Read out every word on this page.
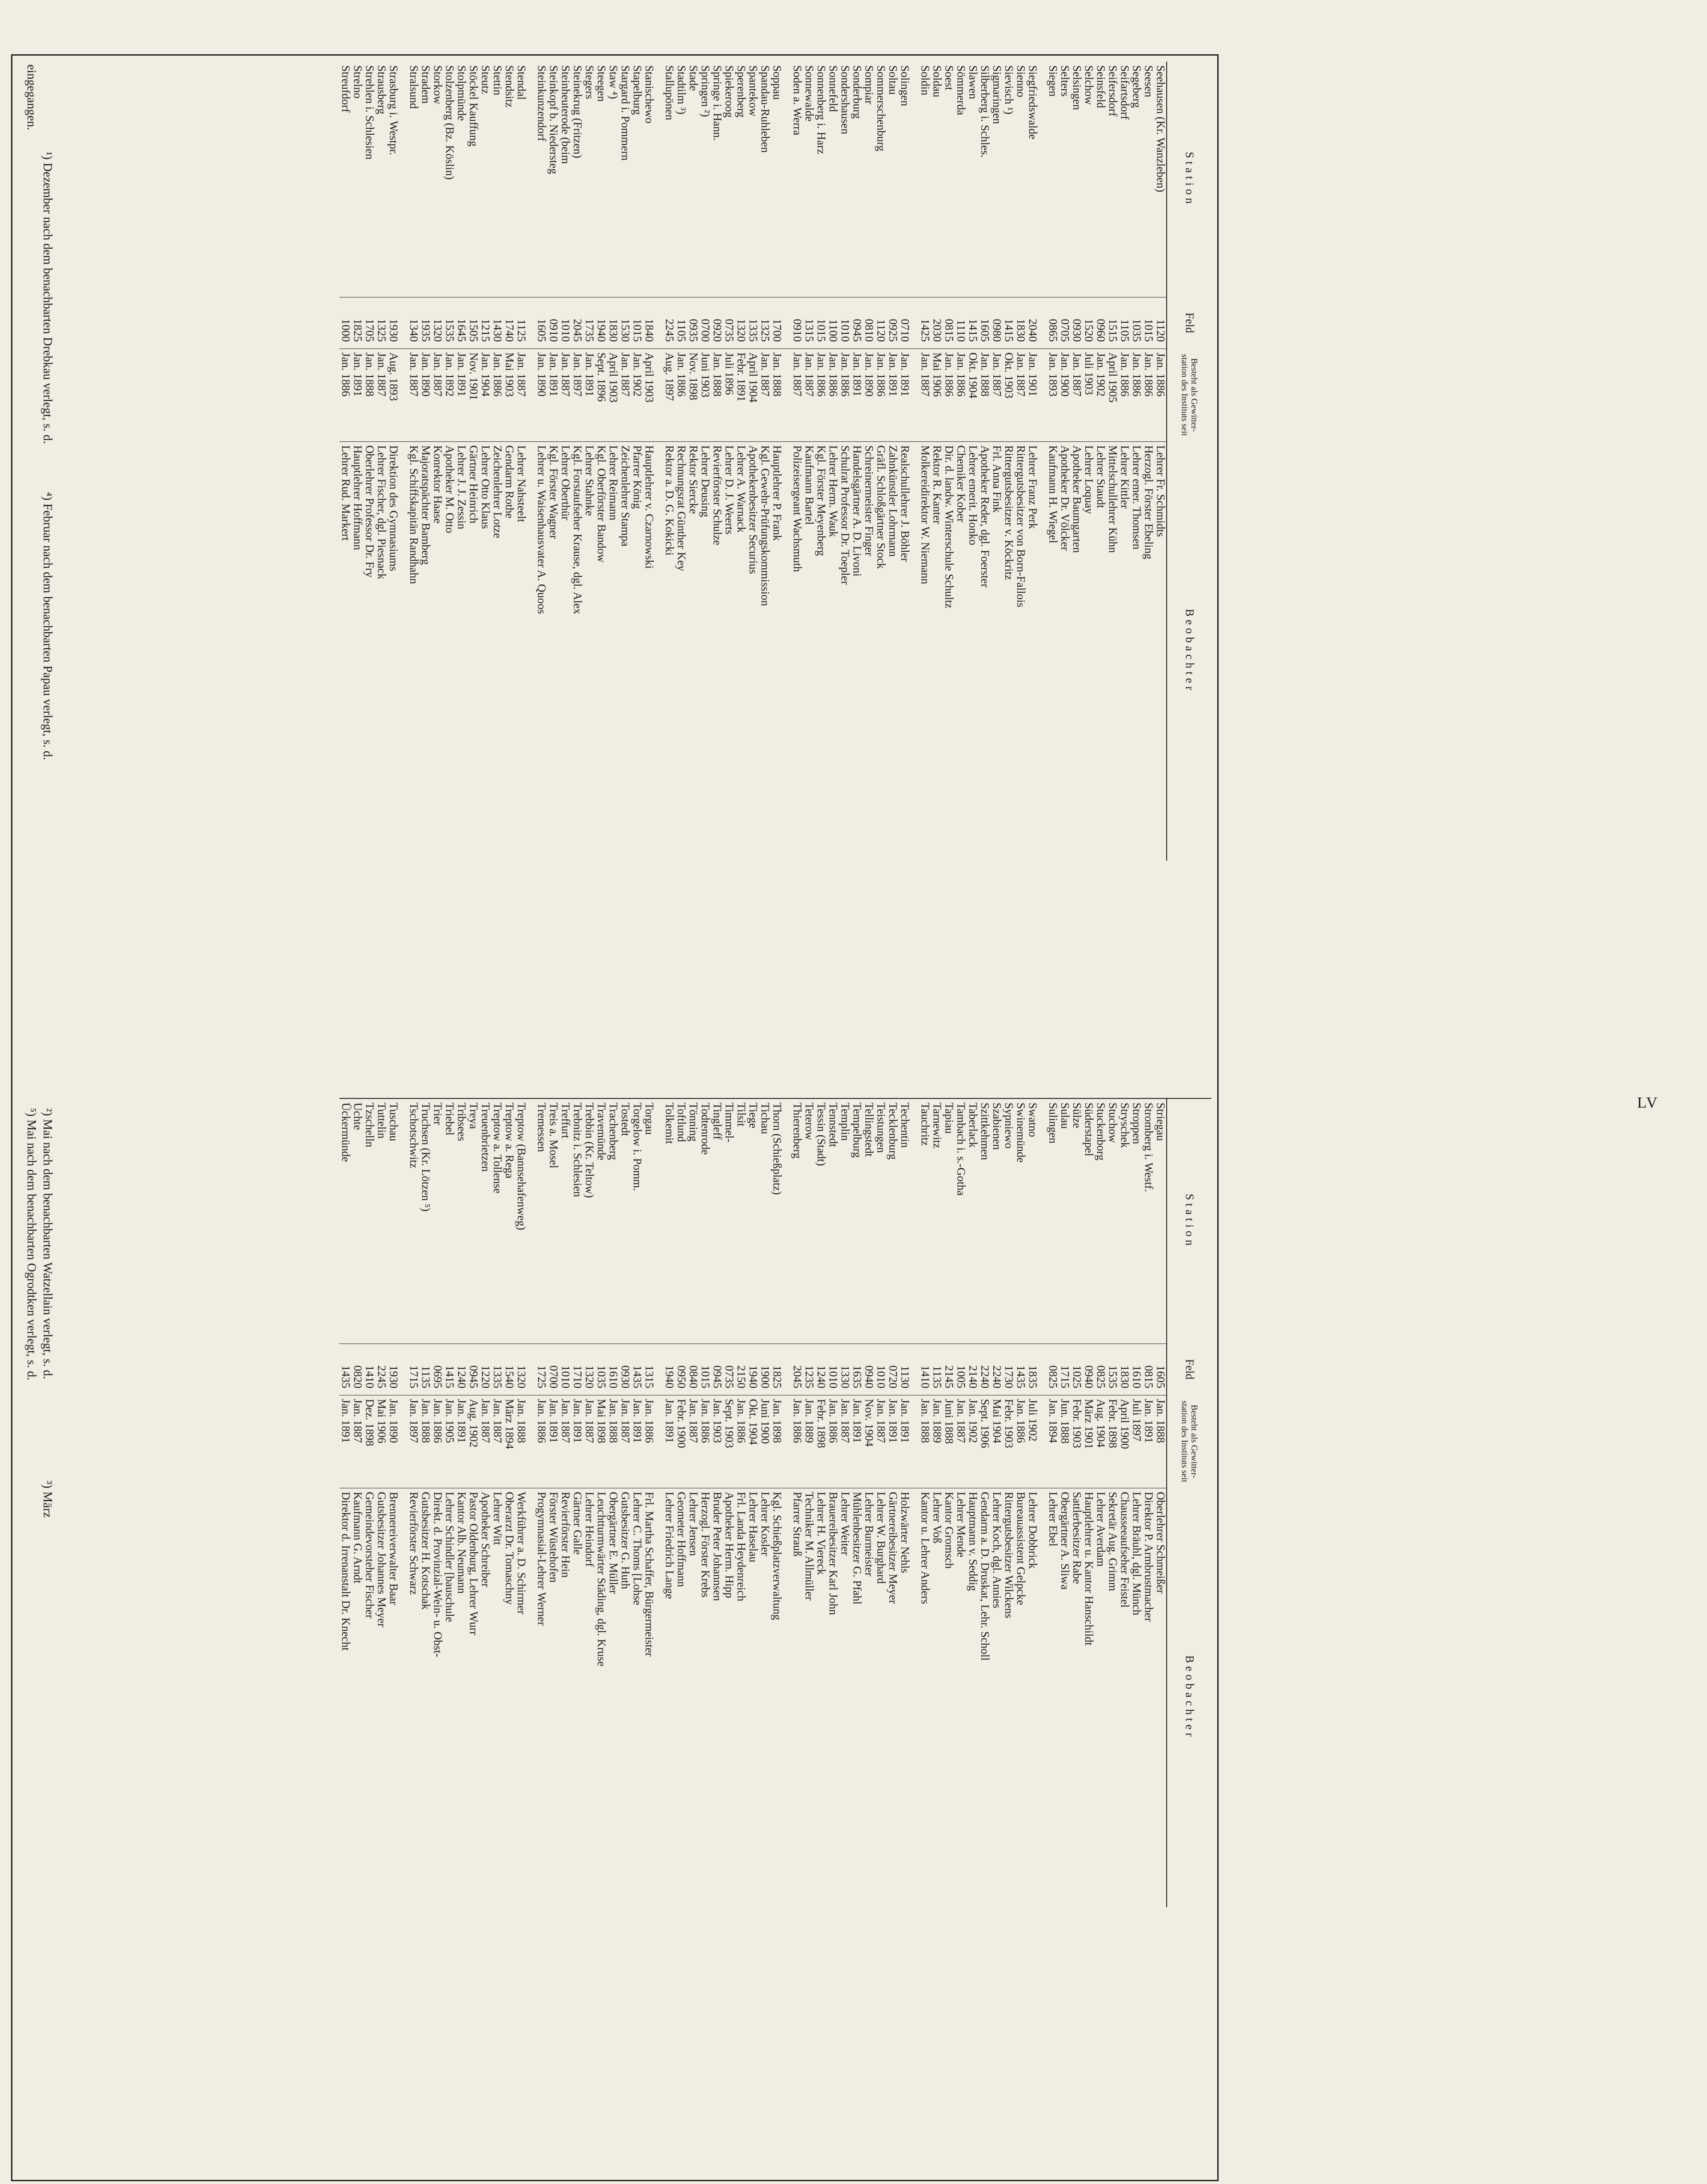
LV
Station	Feld	Besteht als Gewitter-station des Instituts seit	Beobachter
Seehausen (Kr. Wanzleben)	1120	Jan. 1886	Lehrer Fr. Schmidts
Seesen	1015	Jan. 1886	Herzogl. Förster Ebeling
Segeberg	1035	Jan. 1886	Lehrer emer. Thomsen
Seifartsdorf	1105	Jan. 1886	Lehrer Kittler
Seifersdorf	1515	April 1905	Mittelschullehrer Kühn
Seinsfeld	0960	Jan. 1902	Lehrer Staudt
Selchow	1520	Juli 1903	Lehrer Loquay
Selsingen	0930	Jan. 1887	Apotheker Baumgarten
Selters	0705	Jan. 1900	Apotheker Dr. Völcker
Siegen	0865	Jan. 1893	Kaufmann H. Wiegel

Siegfriedswalde	2040	Jan. 1901	Lehrer Franz Perk
Sienno	1830	Jan. 1887	Rittergutsbesitzer von Born-Fallois
Sievisch ¹)	1415	Okt. 1903	Rittergutsbesitzer v. Köckritz
Sigmaringen	0980	Jan. 1887	Frl. Anna Fink
Silberberg i. Schles.	1605	Jan. 1888	Apotheker Reder, dgl. Foerster
Slawen	1415	Okt. 1904	Lehrer emerit. Honko
Sömmerda	1110	Jan. 1886	Chemiker Kober
Soest	0815	Jan. 1886	Dir. d. landw. Winterschule Schultz
Soldau	2030	Mai 1906	Rektor R. Kanter
Soldin	1425	Jan. 1887	Molkereidirektor W. Niemann

Solingen	0710	Jan. 1891	Realschullehrer J. Böhler
Soltau	0925	Jan. 1891	Zahnkünstler Lohrmann
Sommerschenburg	1120	Jan. 1886	Gräfl. Schloßgärtner Stock
Sompiar	0810	Jan. 1890	Schreinermeister Finger
Sonderburg	0945	Jan. 1891	Handelsgärtner A. D. Livoni
Sondershausen	1010	Jan. 1886	Schulrat Professor Dr. Toepler
Sonnefeld	1100	Jan. 1886	Lehrer Herm. Wauk
Sonnenberg i. Harz	1015	Jan. 1886	Kgl. Förster Meyenberg
Sonnewalde	1315	Jan. 1887	Kaufmann Bartel
Soden a. Werra	0910	Jan. 1887	Polizeisergeant Wachsmuth

Soppau	1700	Jan. 1888	Hauptlehrer P. Frank
Spandau-Ruhleben	1325	Jan. 1887	Kgl. Gewehr-Prüfungskommission
Spantekow	1335	April 1904	Apothekenbesitzer Securius
Sperenberg	1320	Febr. 1891	Lehrer A. Warnack
Spiekeroog	0735	Juli 1896	Lehrer D. J. Weerts
Springe i. Hann.	0920	Jan. 1888	Revierförster Schulze
Springen ²)	0700	Juni 1903	Lehrer Deusing
Stade	0935	Nov. 1898	Rektor Siercke
Stadtilm ³)	1105	Jan. 1886	Rechnungsrat Günther Key
Stallupönen	2245	Aug. 1897	Rektor a. D. G. Kokicki

Stanischewo	1840	April 1903	Hauptlehrer v. Czarnowski
Stapelburg	1015	Jan. 1902	Pfarrer König
Stargard i. Pommern	1530	Jan. 1887	Zeichenlehrer Stampa
Staw ⁴)	1830	April 1903	Lehrer Reimann
Steegen	1940	Sept. 1896	Kgl. Oberförster Bandow
Stegers	1735	Jan. 1891	Lehrer Stahnke
Steinekrug (Fritzen)	2045	Jan. 1897	Kgl. Forstaufseher Krause, dgl. Alex
Steinheuterode (beim	1010	Jan. 1887	Lehrer Oberthür
Steinkopf b. Niedersteg	0910	Jan. 1891	Kgl. Förster Wagner
Steinkunzendorf	1605	Jan. 1890	Lehrer u. Waisenhausvater A. Quoos

Stendal	1125	Jan. 1887	Lehrer Nahsteelt
Stendsitz	1740	Mai 1903	Gendarm Rothe
Stettin	1430	Jan. 1886	Zeichenlehrer Lotze
Steutz	1215	Jan. 1904	Lehrer Otto Klaus
Stöckel Kauffung	1505	Nov. 1901	Gärtner Heinrich
Stolpmünde	1645	Jan. 1891	Lehrer J. J. Zessin
Stolzenberg (Bz. Köslin)	1535	Jan. 1892	Apotheker M. Otto
Storkow	1320	Jan. 1887	Konrektor Haase
Stradem	1935	Jan. 1890	Majoratspächter Bamberg
Stralsund	1340	Jan. 1887	Kgl. Schiffskapitän Randhahn

Strasburg i. Westpr.	1930	Aug. 1893	Direktion des Gymnasiums
Strausberg	1325	Jan. 1887	Lehrer Fischer, dgl. Piesnack
Strehlen i. Schlesien	1705	Jan. 1888	Oberlehrer Professor Dr. Fry
Strelno	1825	Jan. 1891	Hauptlehrer Hoffmann
Streufdorf	1000	Jan. 1886	Lehrer Rud. Markert
Station	Feld	Besteht als Gewitter-station des Instituts seit	Beobachter
Striegau	1605	Jan. 1888	Oberlehrer Schmeißer
Stromberg i. Westf.	0815	Jan. 1891	Direktor P. Armbrustmacher
Stroppen	1610	Juli 1897	Lehrer Bräuhl, dgl. Münch
Stryschek	1830	April 1900	Chausseeaufseher Feistel
Stuchow	1535	Febr. 1898	Sekretär Aug. Grimm
Stuckenborg	0825	Aug. 1904	Lehrer Averdam
Süderstapel	0940	März 1901	Hauptlehrer u. Kantor Hanschildt
Sülze	1025	Febr. 1903	Sattlerbesitzer Rabe
Sulau	1715	Jun. 1888	Obergärtner A. Sliwa
Sulingen	0825	Jan. 1894	Lehrer Ebel

Swatno	1835	Juli 1902	Lehrer Dobbrick
Swinemünde	1435	Jan. 1886	Bureauassistent Gelpcke
Sypniewo	1730	Febr. 1903	Rittergutsbesitzer Wilckens
Szabienen	2240	Mai 1904	Lehrer Koch, dgl. Annies
Szittkehmen	2240	Sept. 1906	Gendarm a. D. Druskat, Lehr. Scholl
Taberlack	2140	Jan. 1902	Hauptmann v. Seddig
Tambach i. s.-Gotha	1005	Jan. 1887	Lehrer Mende
Tapiau	2145	Juni 1888	Kantor Gromsch
Tarnewitz	1135	Jan. 1889	Lehrer Voß
Tauchritz	1410	Jan. 1888	Kantor u. Lehrer Anders

Techentin	1130	Jan. 1891	Holzwärter Nehls
Tecklenburg	0720	Jan. 1891	Gärtnereibesitzer Meyer
Teistungen	1010	Jan. 1887	Lehrer W. Burghard
Tellingstedt	0940	Nov. 1904	Lehrer Burmeister
Tempelburg	1635	Jan. 1891	Mühlenbesitzer G. Pfahl
Templin	1330	Jan. 1887	Lehrer Weiter
Tennstedt	1010	Jan. 1886	Brauereibesitzer Karl John
Tessin (Stadt)	1240	Febr. 1898	Lehrer H. Viereck
Teterow	1235	Jan. 1889	Techniker M. Allmüller
Thierenberg	2045	Jan. 1886	Pfarrer Strauß

Thorn (Schießplatz)	1825	Jan. 1898	Kgl. Schießplatzverwaltung
Tichau	1900	Juni 1900	Lehrer Kosler
Tiege	1940	Okt. 1904	Lehrer Haselau
Tilsit	2150	Jan. 1886	Frl. Landa Heydenreich
Timmel-	0735	Sept. 1903	Apotheker Herm. Hipp
Tingleff	0945	Jan. 1903	Bruder Peter Johannsen
Todtenrode	1015	Jan. 1886	Herzogl. Förster Krebs
Tönning	0840	Jan. 1887	Lehrer Jensen
Toftlund	0950	Febr. 1900	Geometer Hoffmann
Tolkemit	1940	Jan. 1891	Lehrer Friedrich Lange

Torgau	1315	Jan. 1886	Frl. Martha Schaffer, Bürgermeister
Torgelow i. Pomm.	1435	Jan. 1891	Lehrer C. Thoms [Lohse
Tostedt	0930	Jan. 1887	Gutsbesitzer G. Huth
Trachenberg	1610	Jan. 1888	Obergärtner E. Müller
Travemünde	1035	Mai 1898	Leuchtturmwärter Städing, dgl. Kruse
Trebbin (Kr. Teltow)	1320	Jan. 1887	Lehrer Heindorf
Trebnitz i. Schlesien	1710	Jan. 1891	Gärtner Galle
Treffurt	1010	Jan. 1887	Revierförster Hein
Treis a. Mosel	0700	Jan. 1891	Förster Wüstehofen
Tremessen	1725	Jan. 1886	Progymnasial-Lehrer Werner

Treptow (Bannsehafenweg)	1320	Jan. 1888	Werkführer a. D. Schirmer
Treptow a. Rega	1540	März 1894	Oberarzt Dr. Tomaschny
Treptow a. Tollense	1335	Jan. 1887	Lehrer Witt
Treuenbrietzen	1220	Jan. 1887	Apotheker Schreiber
Treya	0945	Aug. 1902	Pastor Oldenburg, Lehrer Wurr
Tribsees	1240	Jan. 1891	Kantor Alb. Neumann
Triebel	1415	Jan. 1905	Lehrer Schindler [bauschule
Trier	0695	Jan. 1886	Direkt. d. Provinzial-Wein- u. Obst-
Truchsen (Kr. Lötzen ⁵)	1135	Jan. 1888	Gutsbesitzer H. Kotschak
Tschotschwitz	1715	Jan. 1897	Revierförster Schwarz

Tuschau	1930	Jan. 1890	Brennereiverwalter Baar
Tuttelin	2245	Mai 1906	Gutsbesitzer Johannes Meyer
Tzschelln	1410	Dez. 1898	Gemeindevorsteher Fischer
Uchte	0820	Jan. 1887	Kaufmann G. Arndt
Ückermünde	1435	Jan. 1891	Direktor d. Irrenanstalt Dr. Knecht
¹) Dezember nach dem benachbarten Drebkau verlegt, s. d.
⁴) Februar nach dem benachbarten Papau verlegt, s. d.
eingegangen.
²) Mai nach dem benachbarten Watzellain verlegt, s. d.
⁵) Mai nach dem benachbarten Ogrodtken verlegt, s. d.
³) März
